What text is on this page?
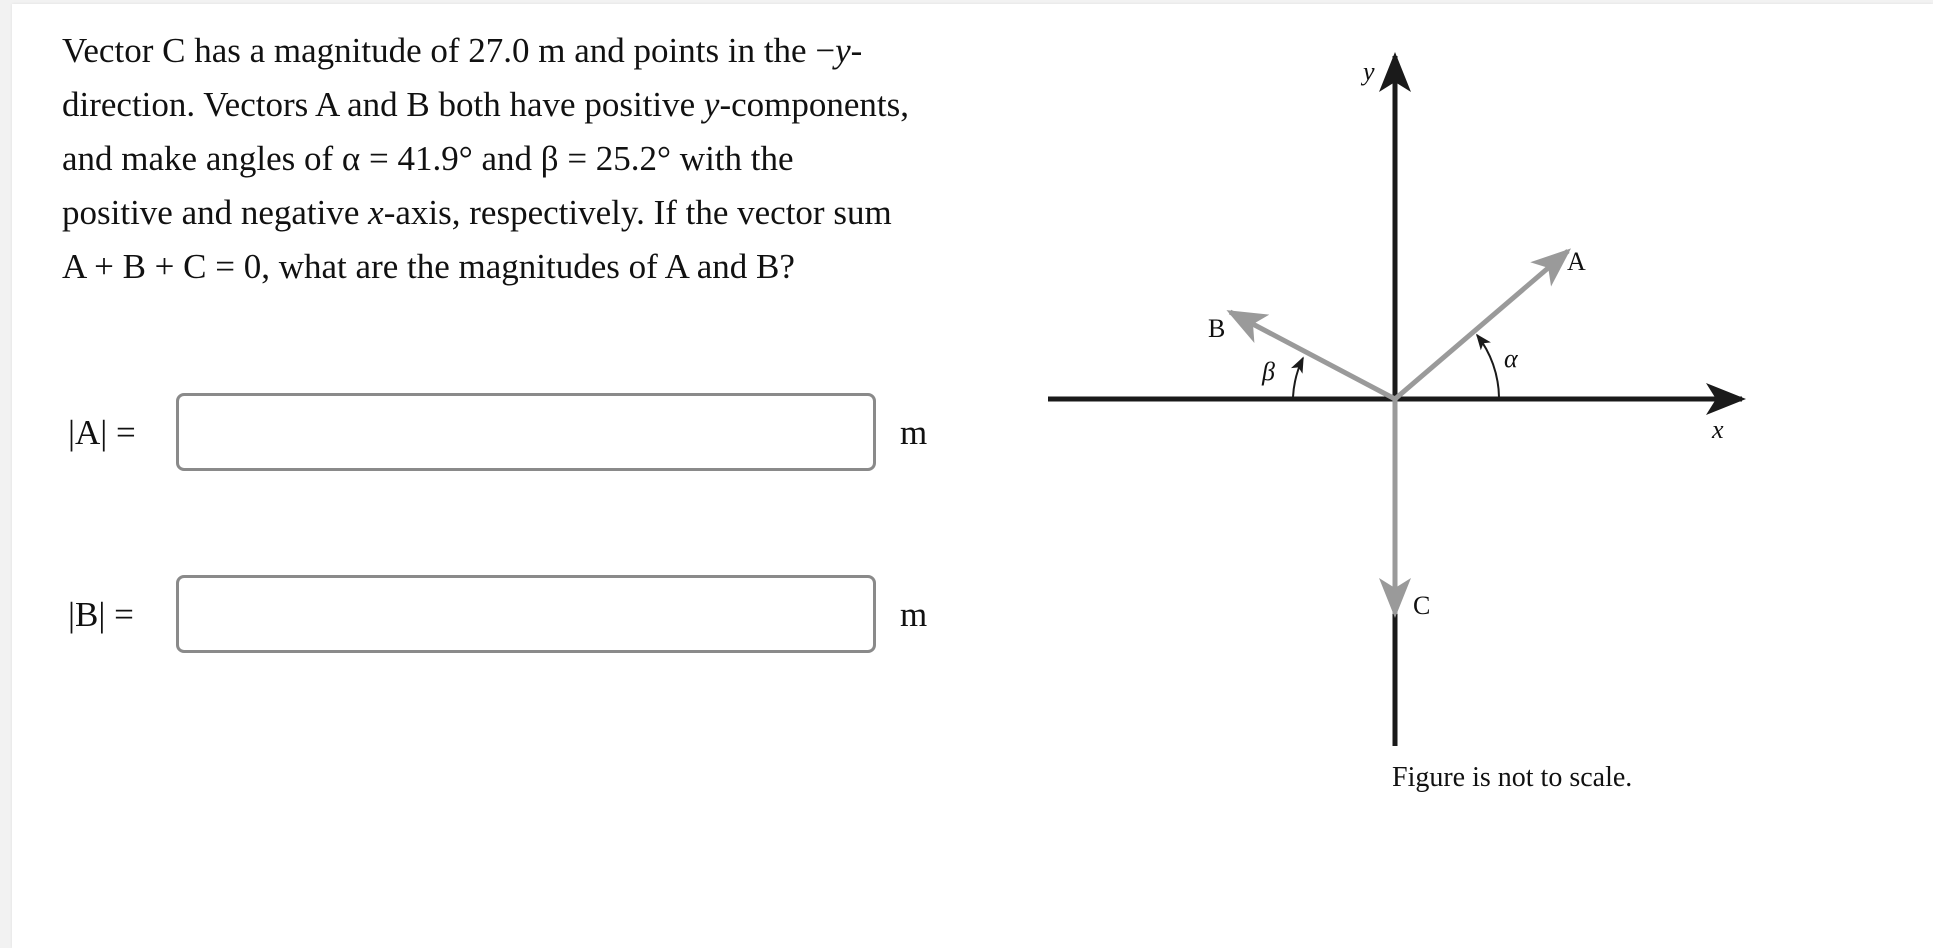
Vector C has a magnitude of 27.0 m and points in the −y-
direction. Vectors A and B both have positive y-components,
and make angles of α = 41.9° and β = 25.2° with the
positive and negative x-axis, respectively. If the vector sum
A + B + C = 0, what are the magnitudes of A and B?
|A| =	m
|B| =	m
y
x
A
B
C
α
β
Figure is not to scale.
